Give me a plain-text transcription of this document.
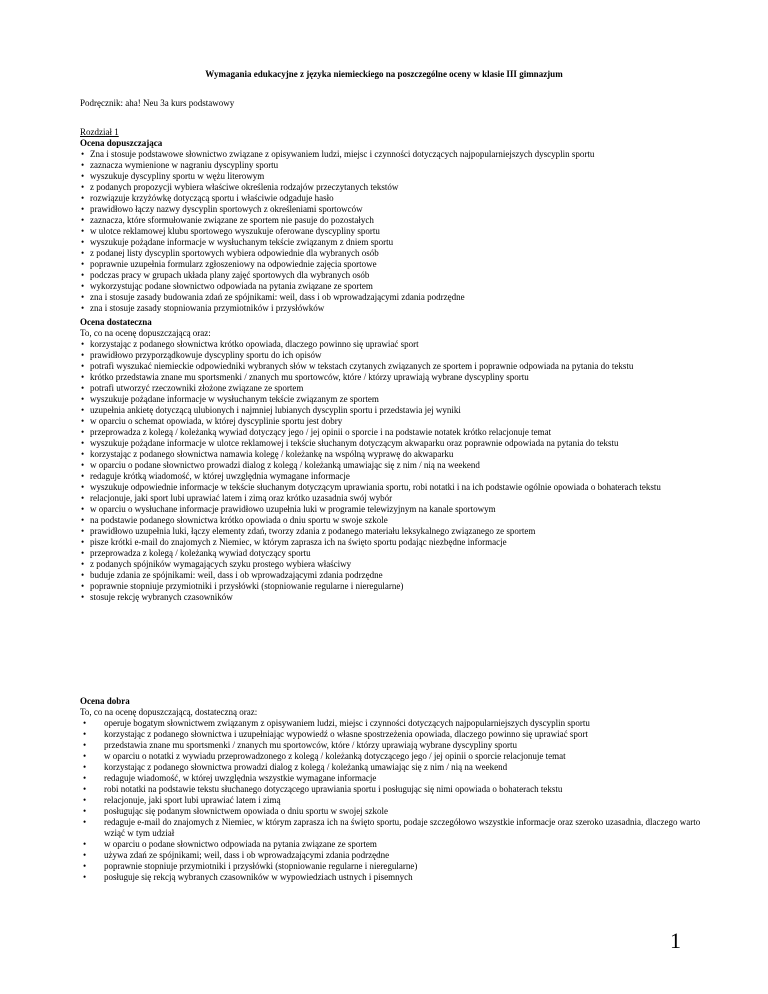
Wymagania edukacyjne z języka niemieckiego na poszczególne oceny w klasie III gimnazjum
Podręcznik: aha! Neu 3a kurs podstawowy
Rozdział 1
Ocena dopuszczająca
• Zna i stosuje podstawowe słownictwo związane z opisywaniem ludzi, miejsc i czynności dotyczących najpopularniejszych dyscyplin sportu
• zaznacza wymienione w nagraniu dyscypliny sportu
• wyszukuje dyscypliny sportu w wężu literowym
• z podanych propozycji wybiera właściwe określenia rodzajów przeczytanych tekstów
• rozwiązuje krzyżówkę dotyczącą sportu i właściwie odgaduje hasło
• prawidłowo łączy nazwy dyscyplin sportowych z określeniami sportowców
• zaznacza, które sformułowanie związane ze sportem nie pasuje do pozostałych
• w ulotce reklamowej klubu sportowego wyszukuje oferowane dyscypliny sportu
• wyszukuje pożądane informacje w wysłuchanym tekście związanym z dniem sportu
• z podanej listy dyscyplin sportowych wybiera odpowiednie dla wybranych osób
• poprawnie uzupełnia formularz zgłoszeniowy na odpowiednie zajęcia sportowe
• podczas pracy w grupach układa plany zajęć sportowych dla wybranych osób
• wykorzystując podane słownictwo odpowiada na pytania związane ze sportem
• zna i stosuje zasady budowania zdań ze spójnikami: weil, dass i ob wprowadzającymi zdania podrzędne
• zna i stosuje zasady stopniowania przymiotników i przysłówków
Ocena dostateczna
To, co na ocenę dopuszczającą oraz:
• korzystając z podanego słownictwa krótko opowiada, dlaczego powinno się uprawiać sport
• prawidłowo przyporządkowuje dyscypliny sportu do ich opisów
• potrafi wyszukać niemieckie odpowiedniki wybranych słów w tekstach czytanych związanych ze sportem i poprawnie odpowiada na pytania do tekstu
• krótko przedstawia znane mu sportsmenki / znanych mu sportowców, które / którzy uprawiają wybrane dyscypliny sportu
• potrafi utworzyć rzeczowniki złożone związane ze sportem
• wyszukuje pożądane informacje w wysłuchanym tekście związanym ze sportem
• uzupełnia ankietę dotyczącą ulubionych i najmniej lubianych dyscyplin sportu i przedstawia jej wyniki
• w oparciu o schemat opowiada, w której dyscyplinie sportu jest dobry
• przeprowadza z kolegą / koleżanką wywiad dotyczący jego / jej opinii o sporcie i na podstawie notatek krótko relacjonuje temat
• wyszukuje pożądane informacje w ulotce reklamowej i tekście słuchanym dotyczącym akwaparku oraz poprawnie odpowiada na pytania do tekstu
• korzystając z podanego słownictwa namawia kolegę / koleżankę na wspólną wyprawę do akwaparku
• w oparciu o podane słownictwo prowadzi dialog z kolegą / koleżanką umawiając się z nim / nią na weekend
• redaguje krótką wiadomość, w której uwzględnia wymagane informacje
• wyszukuje odpowiednie informacje w tekście słuchanym dotyczącym uprawiania sportu, robi notatki i na ich podstawie ogólnie opowiada o bohaterach tekstu
• relacjonuje, jaki sport lubi uprawiać latem i zimą oraz krótko uzasadnia swój wybór
• w oparciu o wysłuchane informacje prawidłowo uzupełnia luki w programie telewizyjnym na kanale sportowym
• na podstawie podanego słownictwa krótko opowiada o dniu sportu w swoje szkole
• prawidłowo uzupełnia luki, łączy elementy zdań, tworzy zdania z podanego materiału leksykalnego związanego ze sportem
• pisze krótki e-mail do znajomych z Niemiec, w którym zaprasza ich na święto sportu podając niezbędne informacje
• przeprowadza z kolegą / koleżanką wywiad dotyczący sportu
• z podanych spójników wymagających szyku prostego wybiera właściwy
• buduje zdania ze spójnikami: weil, dass i ob wprowadzającymi zdania podrzędne
• poprawnie stopniuje przymiotniki i przysłówki (stopniowanie regularne i nieregularne)
• stosuje rekcję wybranych czasowników
Ocena dobra
To, co na ocenę dopuszczającą, dostateczną oraz:
• operuje bogatym słownictwem związanym z opisywaniem ludzi, miejsc i czynności dotyczących najpopularniejszych dyscyplin sportu
• korzystając z podanego słownictwa i uzupełniając wypowiedź o własne spostrzeżenia opowiada, dlaczego powinno się uprawiać sport
• przedstawia znane mu sportsmenki / znanych mu sportowców, które / którzy uprawiają wybrane dyscypliny sportu
• w oparciu o notatki z wywiadu przeprowadzonego z kolegą / koleżanką dotyczącego jego / jej opinii o sporcie relacjonuje temat
• korzystając z podanego słownictwa prowadzi dialog z kolegą / koleżanką umawiając się z nim / nią na weekend
• redaguje wiadomość, w której uwzględnia wszystkie wymagane informacje
• robi notatki na podstawie tekstu słuchanego dotyczącego uprawiania sportu i posługując się nimi opowiada o bohaterach tekstu
• relacjonuje, jaki sport lubi uprawiać latem i zimą
• posługując się podanym słownictwem opowiada o dniu sportu w swojej szkole
• redaguje e-mail do znajomych z Niemiec, w którym zaprasza ich na święto sportu, podaje szczegółowo wszystkie informacje oraz szeroko uzasadnia, dlaczego warto wziąć w tym udział
• w oparciu o podane słownictwo odpowiada na pytania związane ze sportem
• używa zdań ze spójnikami; weil, dass i ob wprowadzającymi zdania podrzędne
• poprawnie stopniuje przymiotniki i przysłówki (stopniowanie regularne i nieregularne)
• posługuje się rekcją wybranych czasowników w wypowiedziach ustnych i pisemnych
1
